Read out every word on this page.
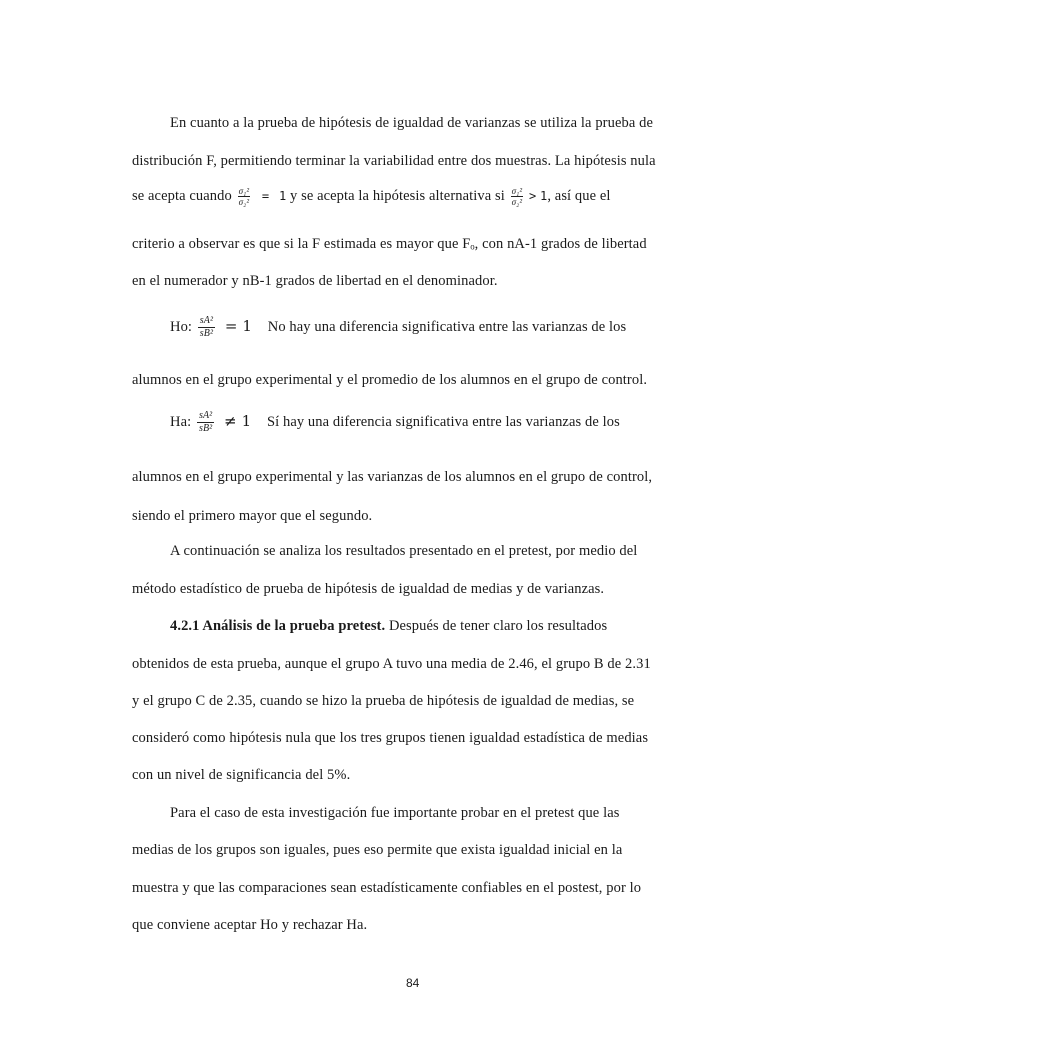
En cuanto a la prueba de hipótesis de igualdad de varianzas se utiliza la prueba de
distribución F, permitiendo terminar la variabilidad entre dos muestras. La hipótesis nula
se acepta cuando $\frac{\text{σ₁²}}{\text{σ₂²}} = 1$ y se acepta la hipótesis alternativa si $\frac{\text{σ₁²}}{\text{σ₂²}} > 1$, así que el
criterio a observar es que si la F estimada es mayor que Fₒ, con nA-1 grados de libertad
en el numerador y nB-1 grados de libertad en el denominador.
Ho: $\frac{\text{sA²}}{\text{sB²}} = 1$ No hay una diferencia significativa entre las varianzas de los
alumnos en el grupo experimental y el promedio de los alumnos en el grupo de control.
Ha: $\frac{\text{sA²}}{\text{sB²}} \ne 1$ Sí hay una diferencia significativa entre las varianzas de los
alumnos en el grupo experimental y las varianzas de los alumnos en el grupo de control,
siendo el primero mayor que el segundo.
A continuación se analiza los resultados presentado en el pretest, por medio del
método estadístico de prueba de hipótesis de igualdad de medias y de varianzas.
4.2.1 Análisis de la prueba pretest. Después de tener claro los resultados
obtenidos de esta prueba, aunque el grupo A tuvo una media de 2.46, el grupo B de 2.31
y el grupo C de 2.35, cuando se hizo la prueba de hipótesis de igualdad de medias, se
consideró como hipótesis nula que los tres grupos tienen igualdad estadística de medias
con un nivel de significancia del 5%.
Para el caso de esta investigación fue importante probar en el pretest que las
medias de los grupos son iguales, pues eso permite que exista igualdad inicial en la
muestra y que las comparaciones sean estadísticamente confiables en el postest, por lo
que conviene aceptar Ho y rechazar Ha.
84
